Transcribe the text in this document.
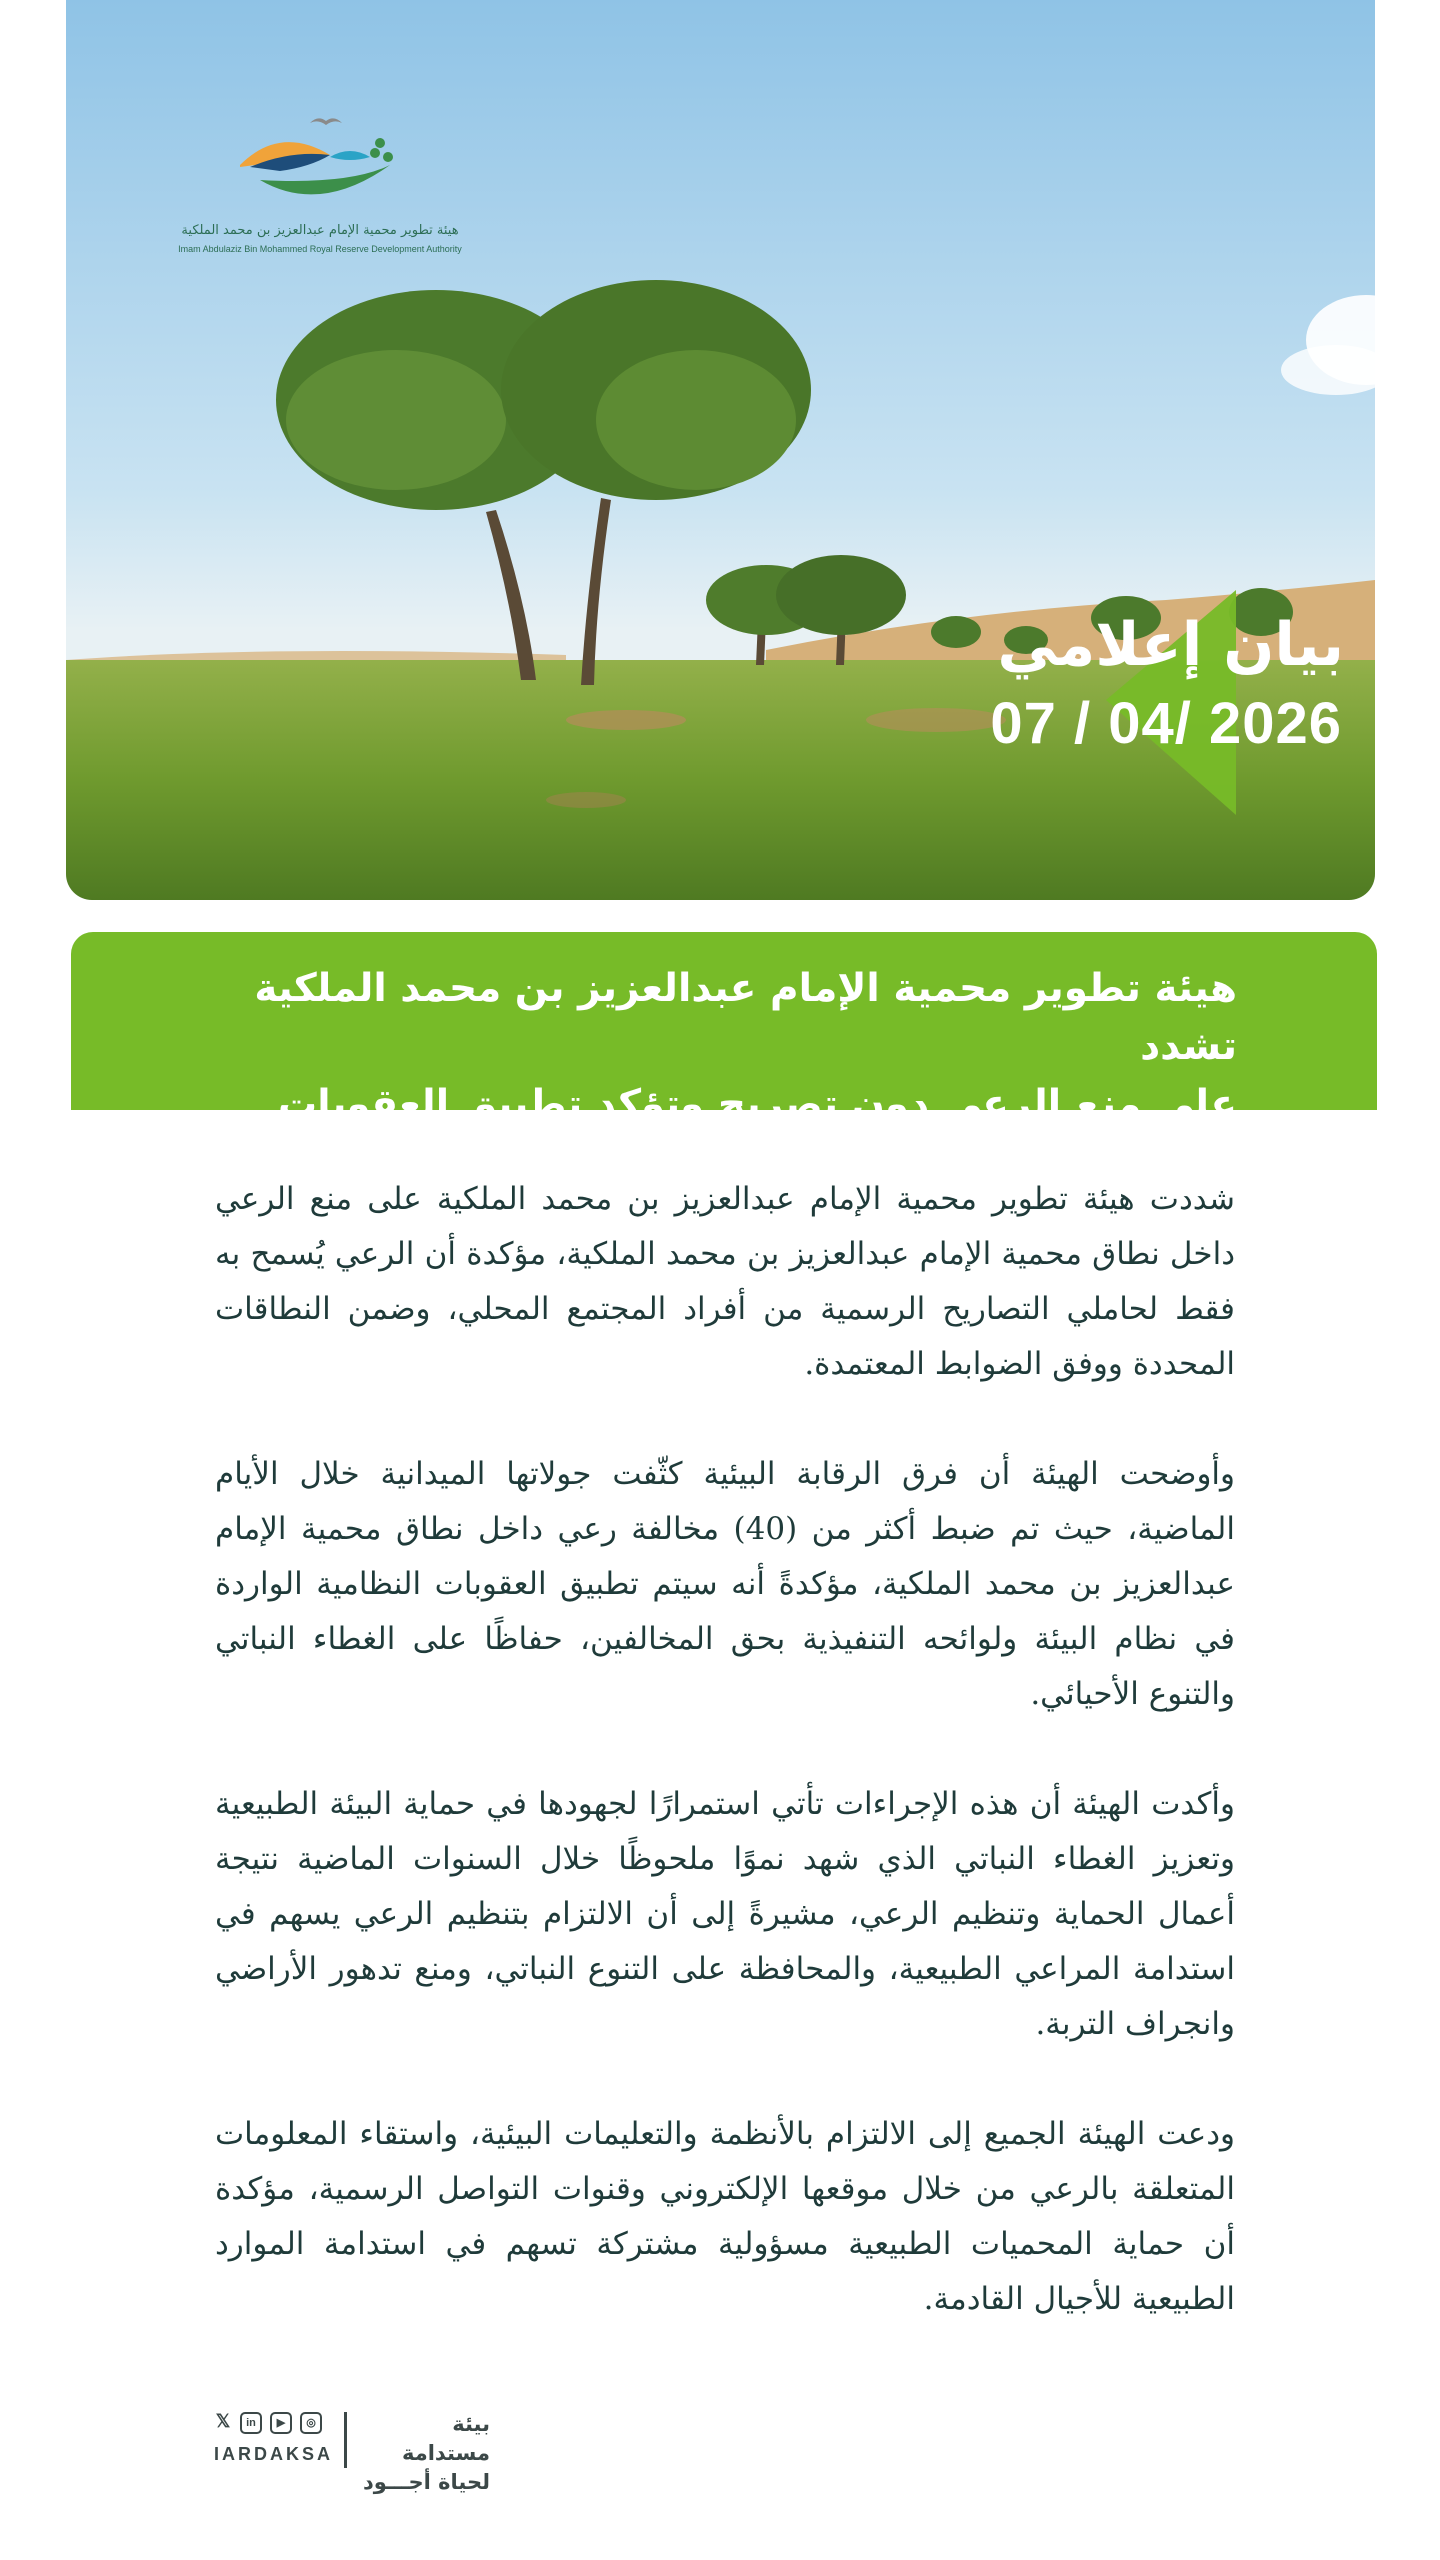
هيئة تطوير محمية الإمام عبدالعزيز بن محمد الملكية
Imam Abdulaziz Bin Mohammed Royal Reserve Development Authority
بيان إعلامي
07 / 04/ 2026

هيئة تطوير محمية الإمام عبدالعزيز بن محمد الملكية تشدد

على منع الرعي دون تصريح وتؤكد تطبيق العقوبات النظامية

شددت هيئة تطوير محمية الإمام عبدالعزيز بن محمد الملكية على منع الرعي داخل نطاق محمية الإمام عبدالعزيز بن محمد الملكية، مؤكدة أن الرعي يُسمح به فقط لحاملي التصاريح الرسمية من أفراد المجتمع المحلي، وضمن النطاقات المحددة ووفق الضوابط المعتمدة.

وأوضحت الهيئة أن فرق الرقابة البيئية كثّفت جولاتها الميدانية خلال الأيام الماضية، حيث تم ضبط أكثر من (40) مخالفة رعي داخل نطاق محمية الإمام عبدالعزيز بن محمد الملكية، مؤكدةً أنه سيتم تطبيق العقوبات النظامية الواردة في نظام البيئة ولوائحه التنفيذية بحق المخالفين، حفاظًا على الغطاء النباتي والتنوع الأحيائي.

وأكدت الهيئة أن هذه الإجراءات تأتي استمرارًا لجهودها في حماية البيئة الطبيعية وتعزيز الغطاء النباتي الذي شهد نموًا ملحوظًا خلال السنوات الماضية نتيجة أعمال الحماية وتنظيم الرعي، مشيرةً إلى أن الالتزام بتنظيم الرعي يسهم في استدامة المراعي الطبيعية، والمحافظة على التنوع النباتي، ومنع تدهور الأراضي وانجراف التربة.

ودعت الهيئة الجميع إلى الالتزام بالأنظمة والتعليمات البيئية، واستقاء المعلومات المتعلقة بالرعي من خلال موقعها الإلكتروني وقنوات التواصل الرسمية، مؤكدة أن حماية المحميات الطبيعية مسؤولية مشتركة تسهم في استدامة الموارد الطبيعية للأجيال القادمة.

𝕏	in	▶	◎
IARDAKSA
بيئة مستدامة
لحياة أجـــود
